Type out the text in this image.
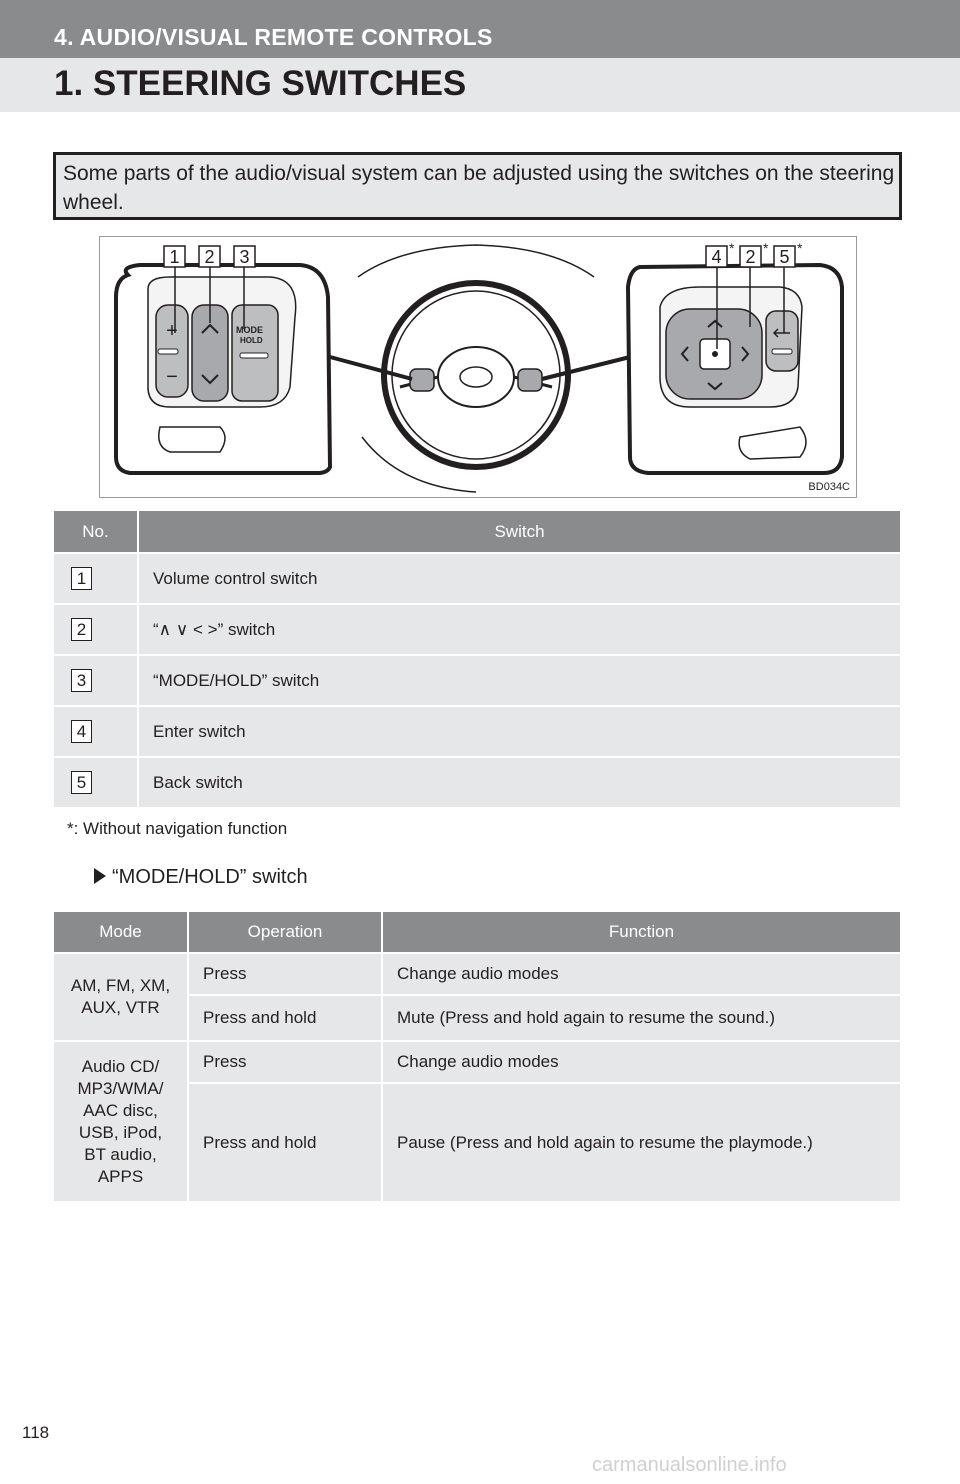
4. AUDIO/VISUAL REMOTE CONTROLS
1. STEERING SWITCHES
Some parts of the audio/visual system can be adjusted using the switches on the steering wheel.
+
−
MODE
HOLD
1 2 3	4 * 2 * 5 *
BD034C
No.	Switch
1	Volume control switch
2	“∧ ∨ < >” switch
3	“MODE/HOLD” switch
4	Enter switch
5	Back switch
*: Without navigation function
“MODE/HOLD” switch
Mode	Operation	Function
AM, FM, XM, AUX, VTR	Press	Change audio modes
	Press and hold	Mute (Press and hold again to resume the sound.)
Audio CD/ MP3/WMA/ AAC disc, USB, iPod, BT audio, APPS	Press	Change audio modes
	Press and hold	Pause (Press and hold again to resume the playmode.)
118
carmanualsonline.info
